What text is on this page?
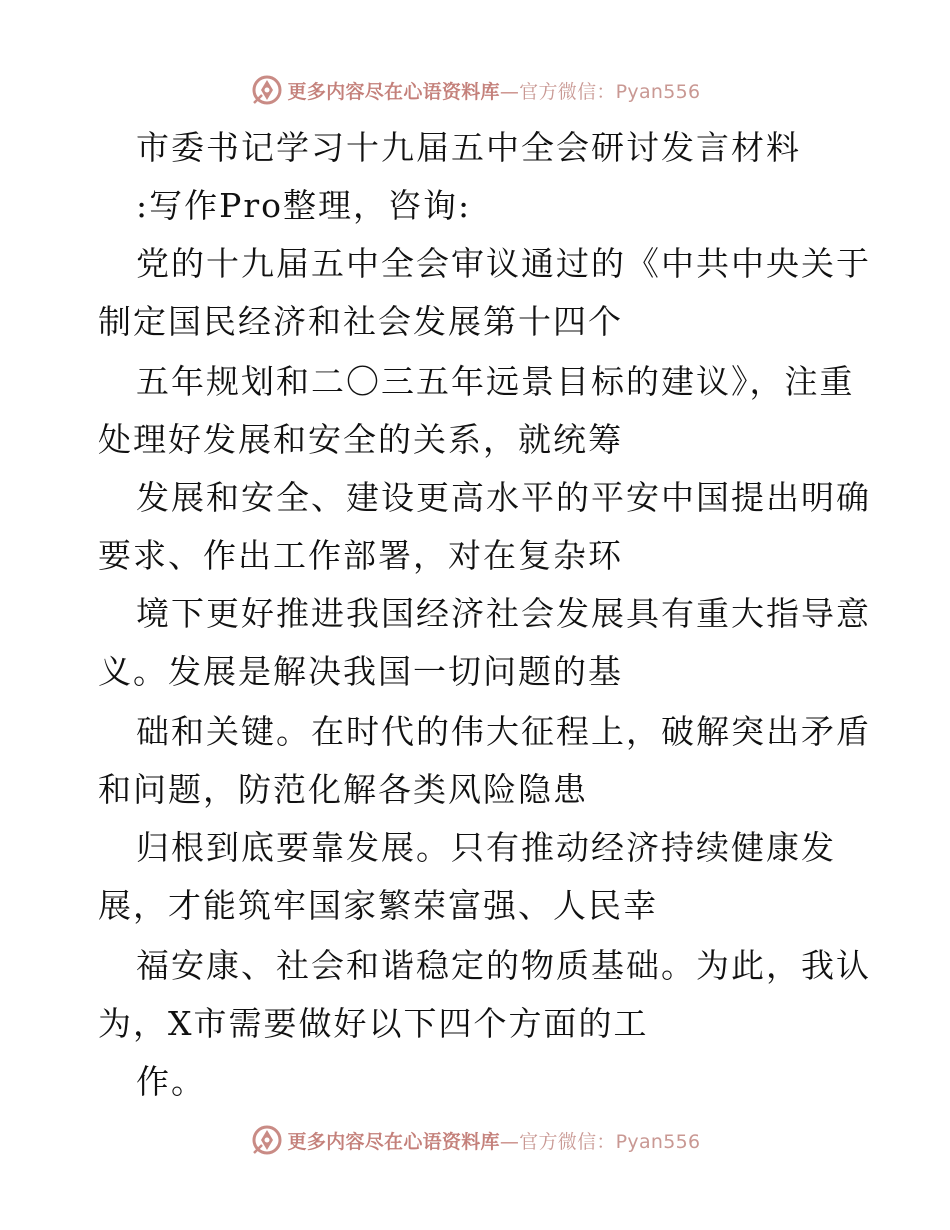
更多内容尽在心语资料库—官方微信：Pyan556
市委书记学习十九届五中全会研讨发言材料
:写作Pro整理，咨询:
党的十九届五中全会审议通过的《中共中央关于
制定国民经济和社会发展第十四个
五年规划和二〇三五年远景目标的建议》，注重
处理好发展和安全的关系，就统筹
发展和安全、建设更高水平的平安中国提出明确
要求、作出工作部署，对在复杂环
境下更好推进我国经济社会发展具有重大指导意
义。发展是解决我国一切问题的基
础和关键。在时代的伟大征程上，破解突出矛盾
和问题，防范化解各类风险隐患
归根到底要靠发展。只有推动经济持续健康发
展，才能筑牢国家繁荣富强、人民幸
福安康、社会和谐稳定的物质基础。为此，我认
为，X市需要做好以下四个方面的工
作。
更多内容尽在心语资料库—官方微信：Pyan556
